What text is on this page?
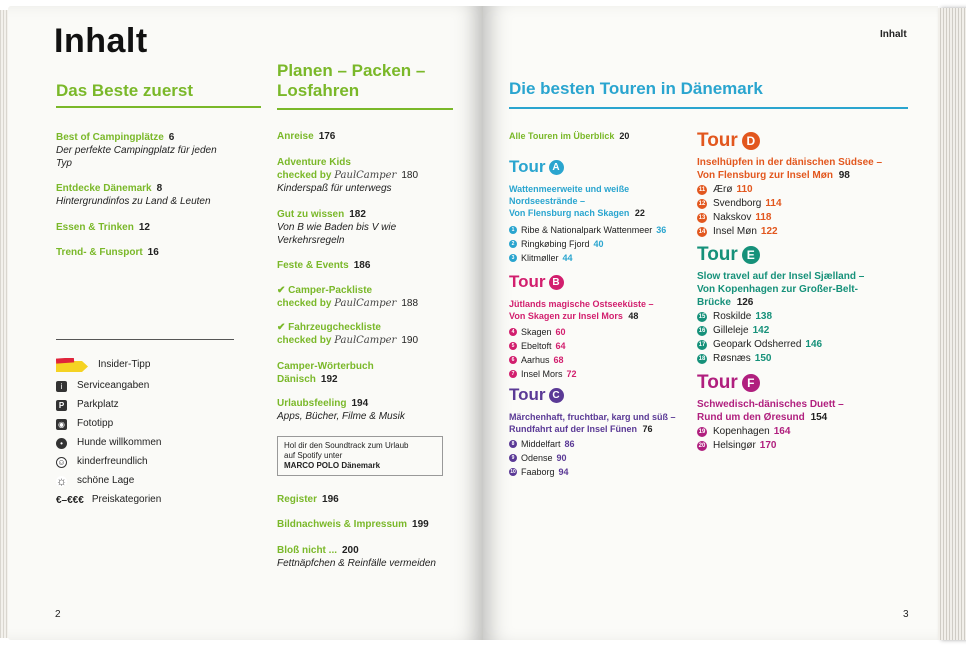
Inhalt
Das Beste zuerst
Best of Campingplätze 6
Der perfekte Campingplatz für jeden Typ
Entdecke Dänemark 8
Hintergrundinfos zu Land & Leuten
Essen & Trinken 12
Trend- & Funsport 16
Insider-Tipp
i	Serviceangaben
P Parkplatz
◉ Fototipp
•	Hunde willkommen
☺ kinderfreundlich
☼ schöne Lage
€–€€€ Preiskategorien
Planen – Packen –
Losfahren
Anreise 176
Adventure Kids
checked by PaulCamper 180
Kinderspaß für unterwegs
Gut zu wissen 182
Von B wie Baden bis V wie Verkehrsregeln
Feste & Events 186
✔ Camper-Packliste
checked by PaulCamper 188
✔ Fahrzeugcheckliste
checked by PaulCamper 190
Camper-Wörterbuch
Dänisch 192
Urlaubsfeeling 194
Apps, Bücher, Filme & Musik
Hol dir den Soundtrack zum Urlaub
auf Spotify unter
MARCO POLO Dänemark
Register 196
Bildnachweis & Impressum 199
Bloß nicht ... 200
Fettnäpfchen & Reinfälle vermeiden
2
Inhalt
Die besten Touren in Dänemark
Alle Touren im Überblick 20
Tour A
Wattenmeerweite und weiße
Nordseestrände –
Von Flensburg nach Skagen 22
1 Ribe & Nationalpark Wattenmeer 36
2 Ringkøbing Fjord 40
3 Klitmøller 44
Tour B
Jütlands magische Ostseeküste –
Von Skagen zur Insel Mors 48
4 Skagen 60
5 Ebeltoft 64
6 Aarhus 68
7 Insel Mors 72
Tour C
Märchenhaft, fruchtbar, karg und süß –
Rundfahrt auf der Insel Fünen 76
8 Middelfart 86
9 Odense 90
10 Faaborg 94
Tour D
Inselhüpfen in der dänischen Südsee –
Von Flensburg zur Insel Møn 98
11 Ærø 110
12 Svendborg 114
13 Nakskov 118
14 Insel Møn 122
Tour E
Slow travel auf der Insel Sjælland –
Von Kopenhagen zur Großer-Belt-
Brücke 126
15 Roskilde 138
16 Gilleleje 142
17 Geopark Odsherred 146
18 Røsnæs 150
Tour F
Schwedisch-dänisches Duett –
Rund um den Øresund 154
19 Kopenhagen 164
20 Helsingør 170
3
